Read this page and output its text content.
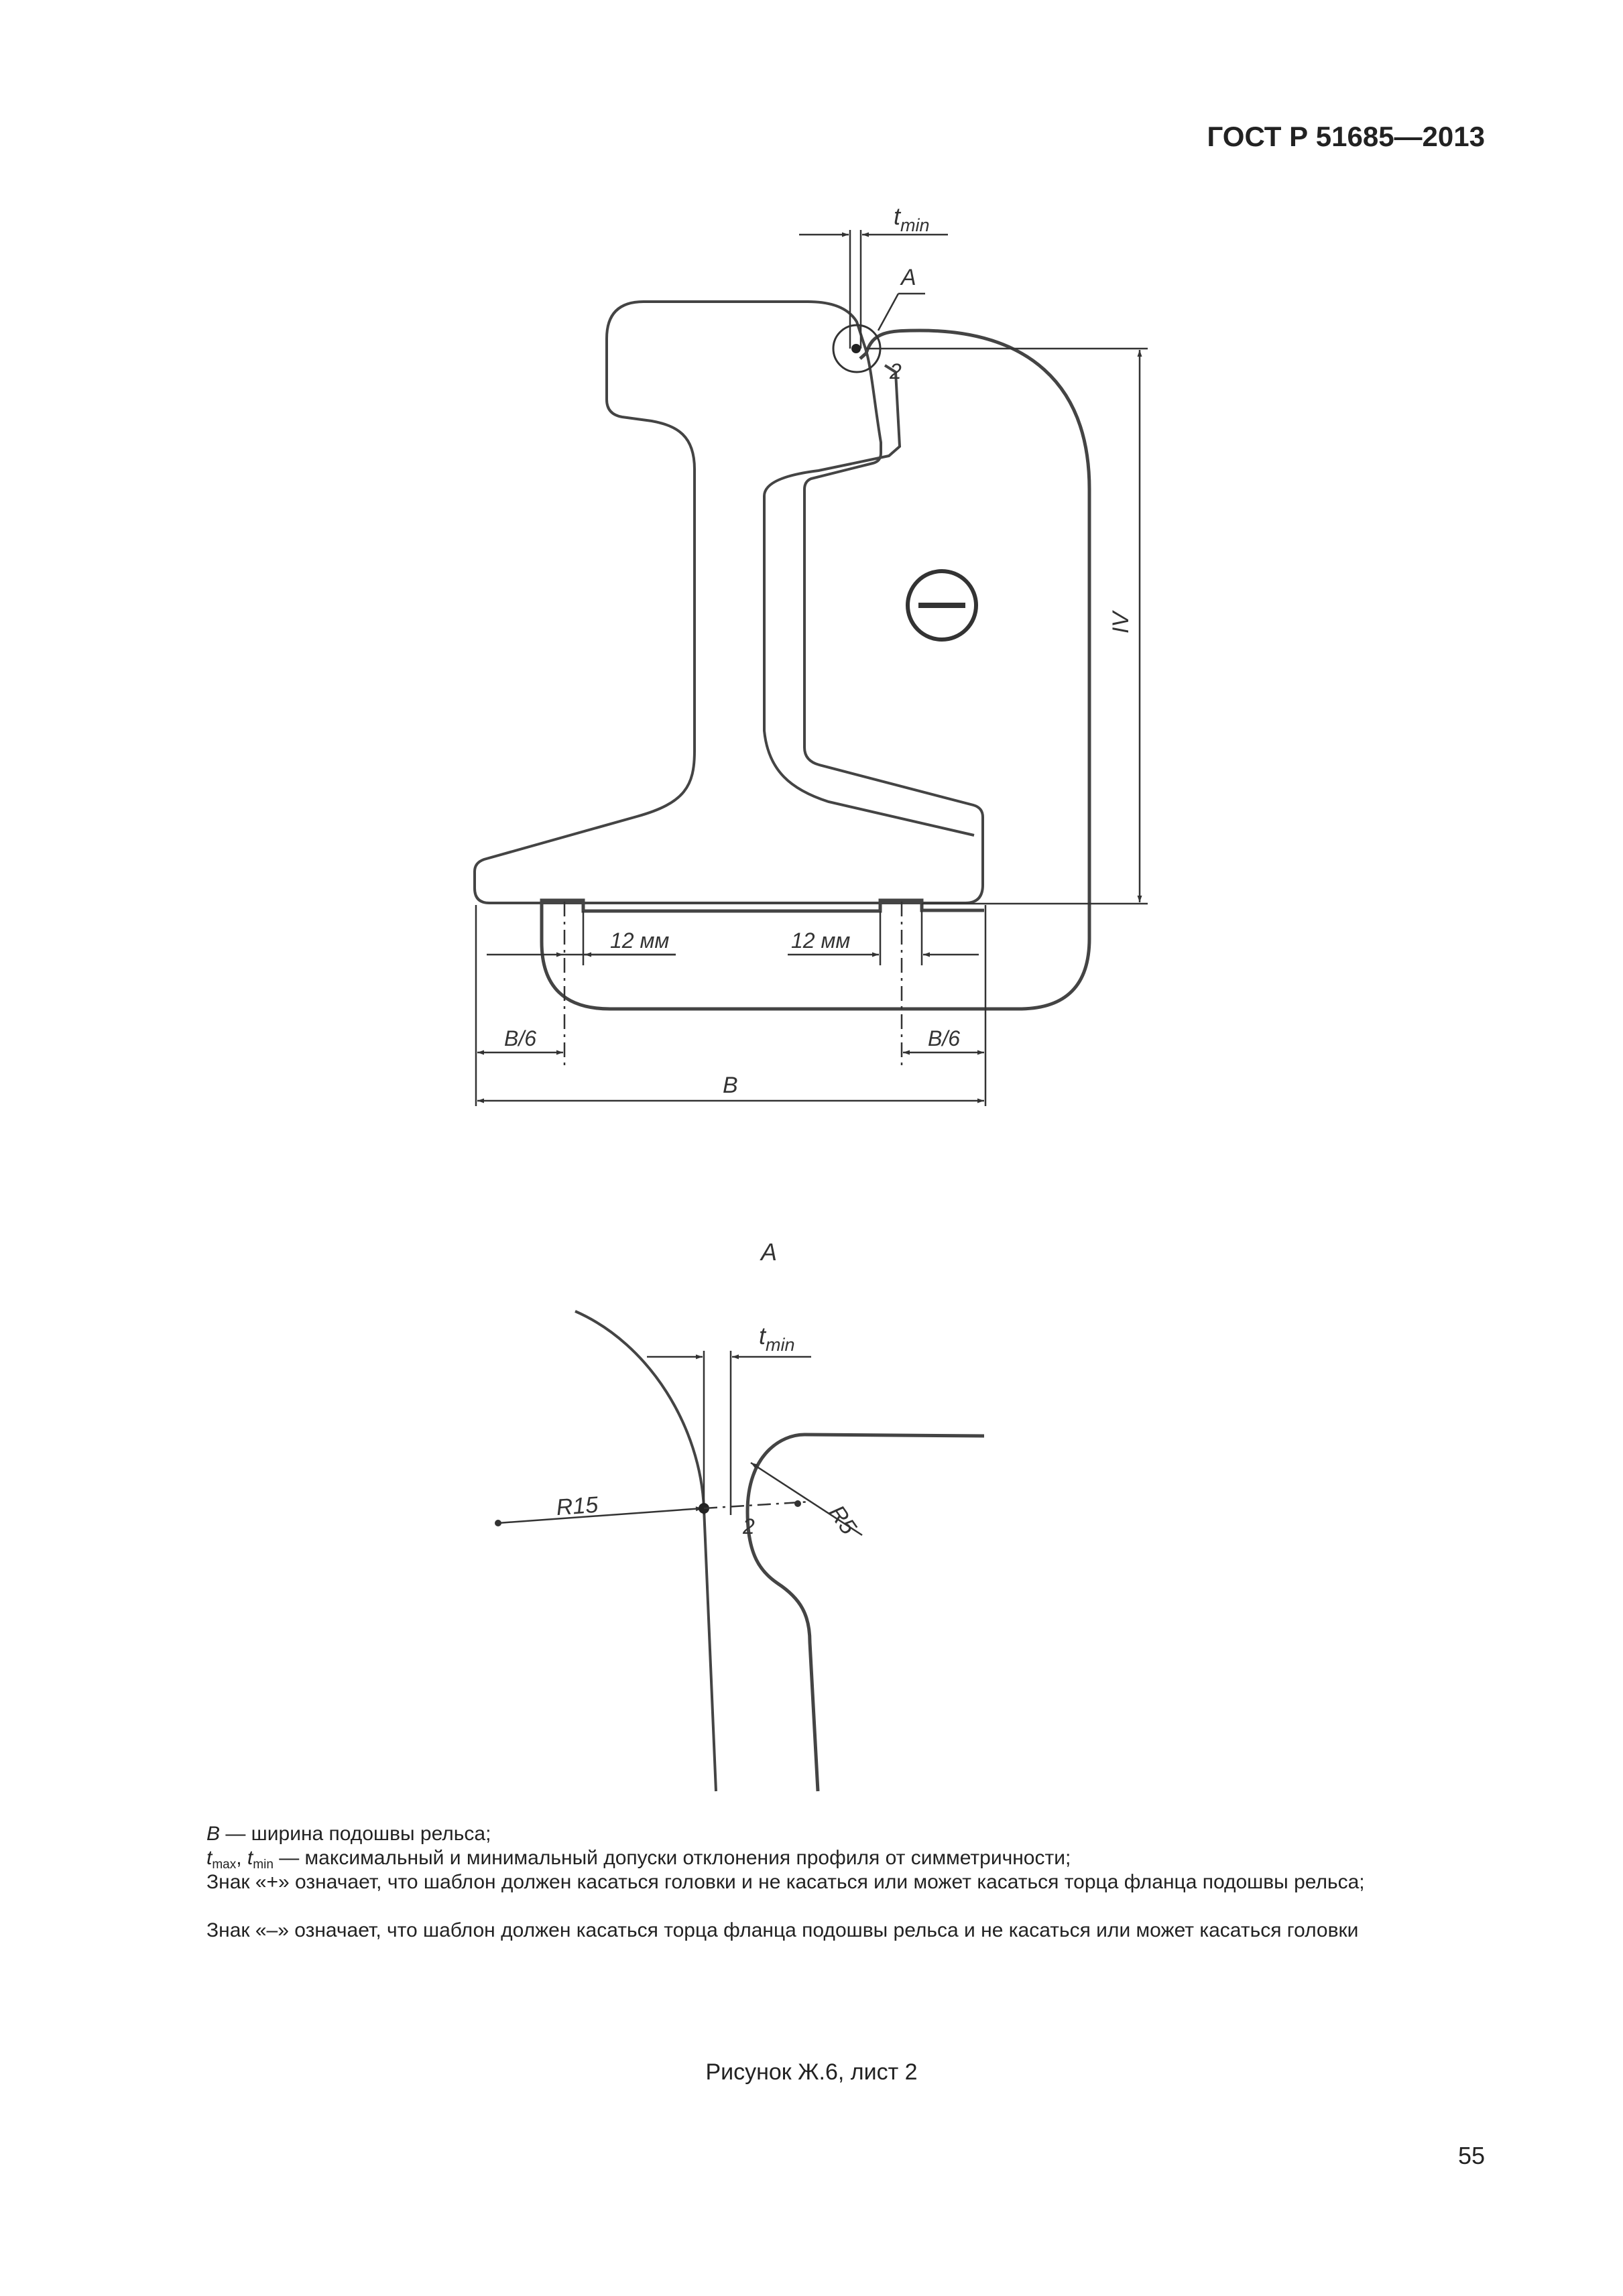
ГОСТ Р 51685—2013
$t_{min}$
A
2
IV
12 мм	12 мм
B/6	B/6
B
A
$t_{min}$
R15	R5
2

B — ширина подошвы рельса;

$t_{max}$, $t_{min}$ — максимальный и минимальный допуски отклонения профиля от симметричности;

Знак «+» означает, что шаблон должен касаться головки и не касаться или может касаться торца фланца подошвы рельса;

Знак «–» означает, что шаблон должен касаться торца фланца подошвы рельса и не касаться или может касаться головки

Рисунок Ж.6, лист 2
55
